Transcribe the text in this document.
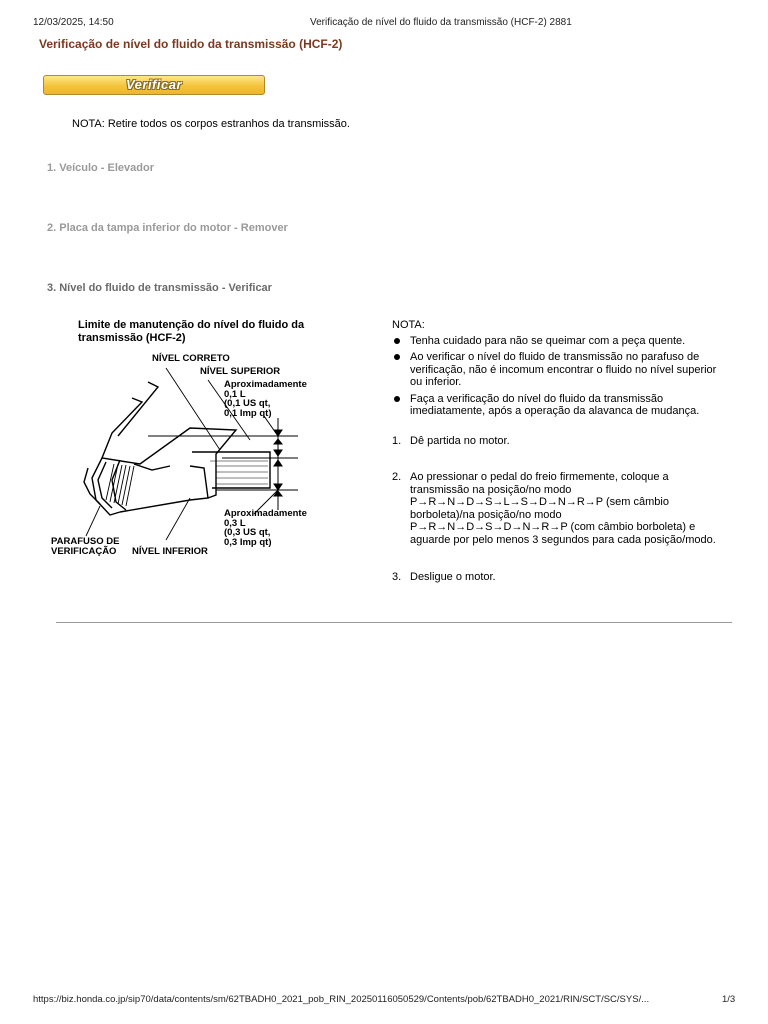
12/03/2025, 14:50	Verificação de nível do fluido da transmissão (HCF-2) 2881
Verificação de nível do fluido da transmissão (HCF-2)
Verificar
NOTA: Retire todos os corpos estranhos da transmissão.
1. Veículo - Elevador
2. Placa da tampa inferior do motor - Remover
3. Nível do fluido de transmissão - Verificar
Limite de manutenção do nível do fluido da transmissão (HCF-2)
NÍVEL CORRETO
NÍVEL SUPERIOR
Aproximadamente
0,1 L
(0,1 US qt,
0,1 Imp qt)
Aproximadamente
0,3 L
(0,3 US qt,
0,3 Imp qt)
PARAFUSO DE
VERIFICAÇÃO	NÍVEL INFERIOR
NOTA:
Tenha cuidado para não se queimar com a peça quente.
Ao verificar o nível do fluido de transmissão no parafuso de verificação, não é incomum encontrar o fluido no nível superior ou inferior.
Faça a verificação do nível do fluido da transmissão imediatamente, após a operação da alavanca de mudança.
1. Dê partida no motor.
2. Ao pressionar o pedal do freio firmemente, coloque a transmissão na posição/no modo P→R→N→D→S→L→S→D→N→R→P (sem câmbio borboleta)/na posição/no modo P→R→N→D→S→D→N→R→P (com câmbio borboleta) e aguarde por pelo menos 3 segundos para cada posição/modo.
3. Desligue o motor.
https://biz.honda.co.jp/sip70/data/contents/sm/62TBADH0_2021_pob_RIN_20250116050529/Contents/pob/62TBADH0_2021/RIN/SCT/SC/SYS/...	1/3
